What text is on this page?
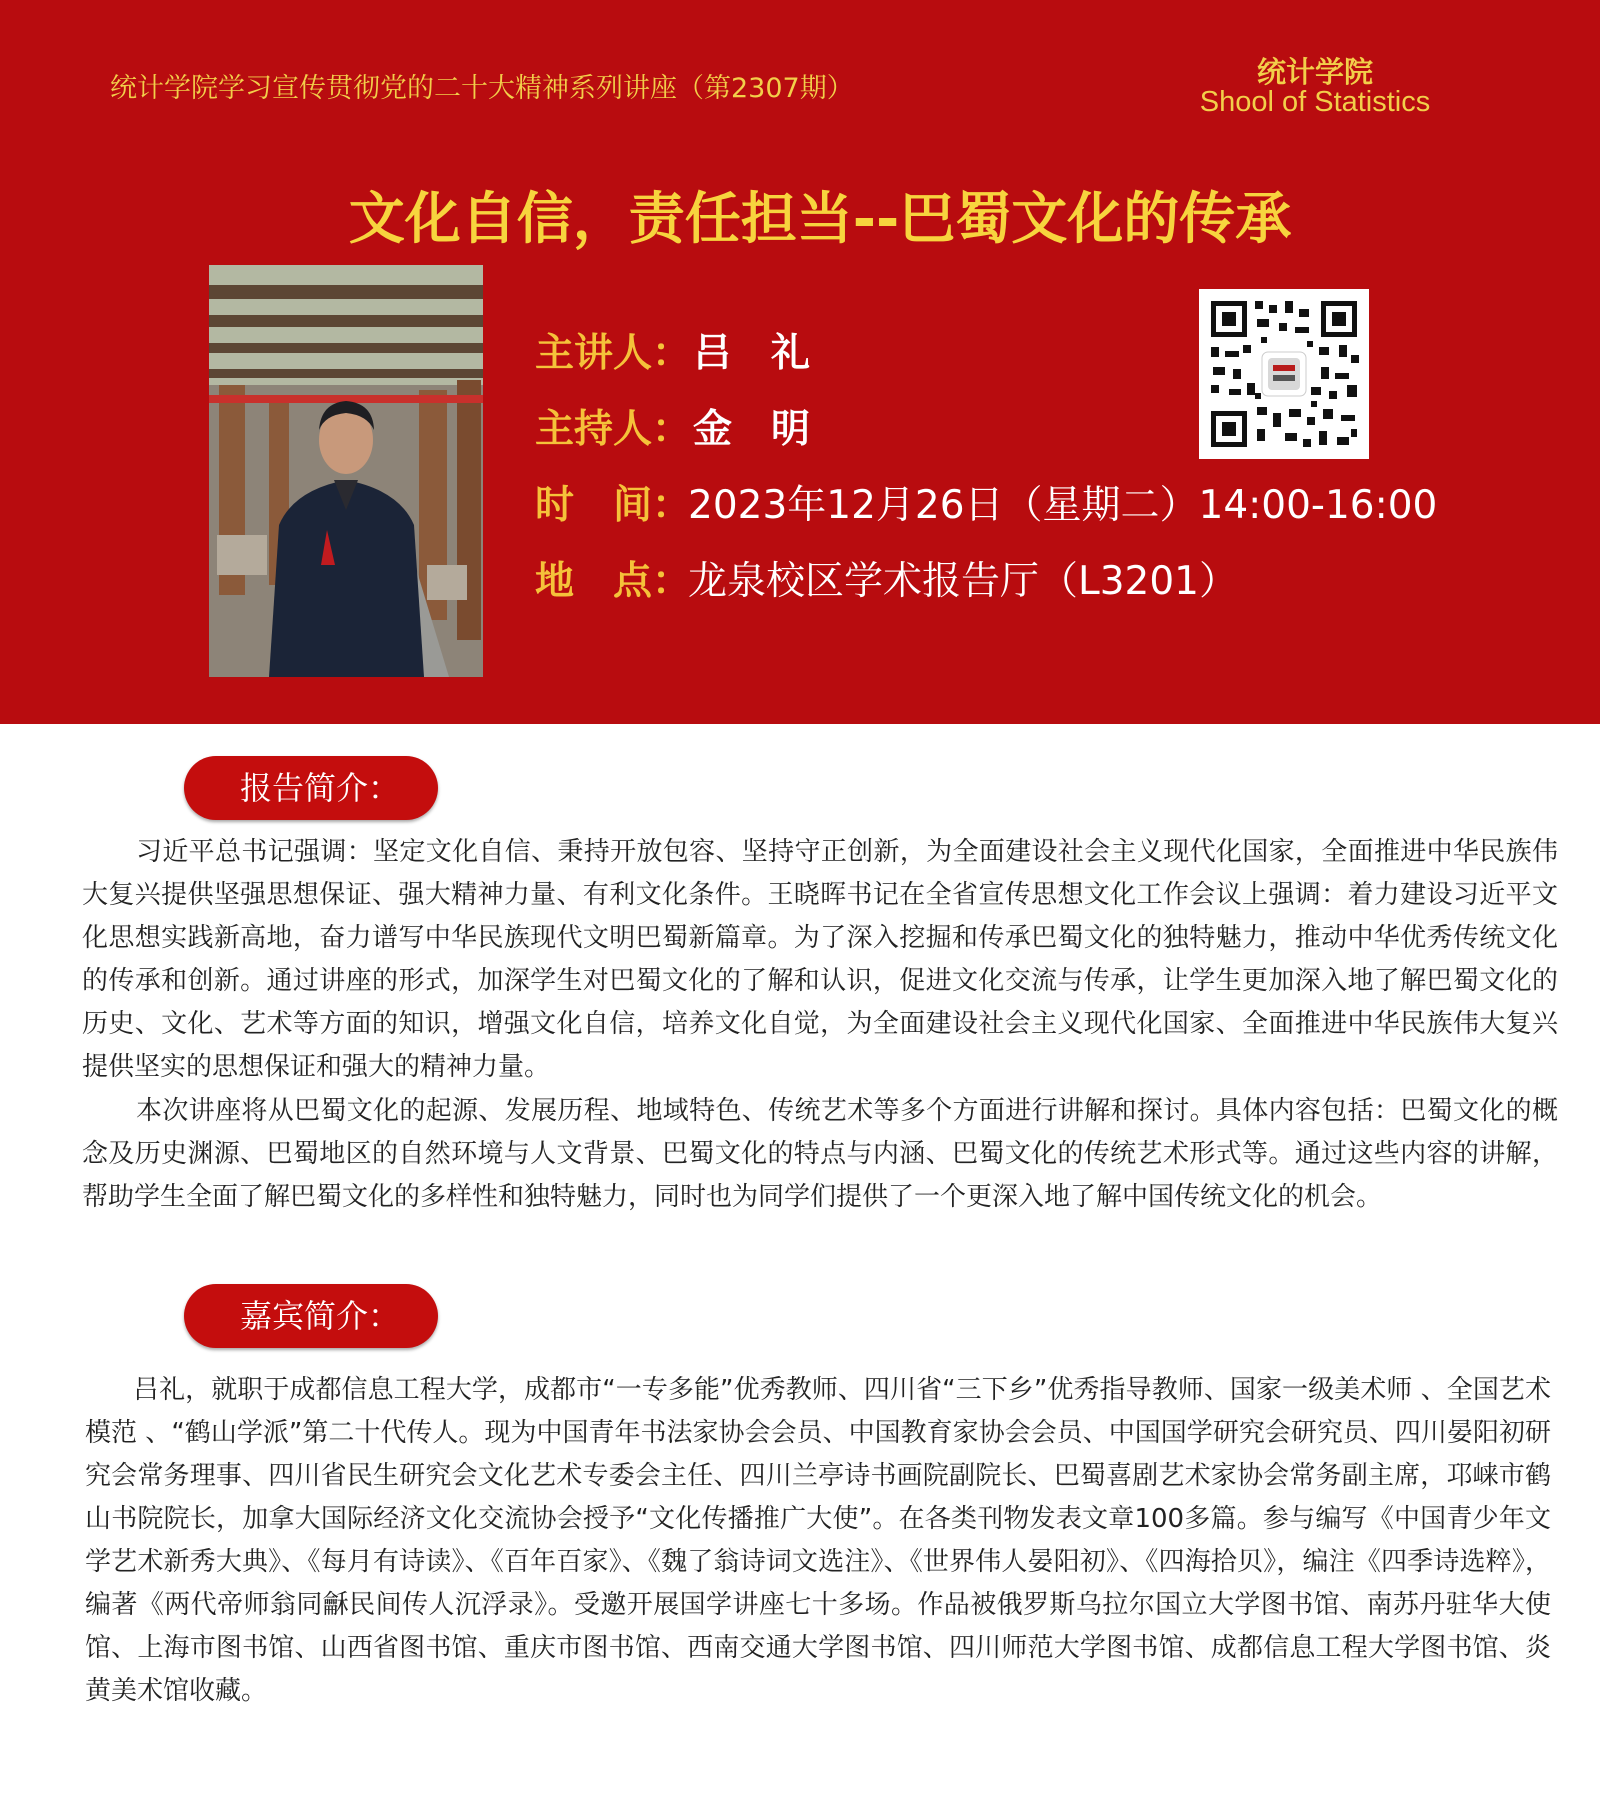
统计学院学习宣传贯彻党的二十大精神系列讲座（第2307期）	统计学院
Shool of Statistics
文化自信，责任担当--巴蜀文化的传承
主讲人： 吕　礼
主持人： 金　明
时　间：
2023年12月26日（星期二）14:00-16:00
地　点：
龙泉校区学术报告厅（L3201）
报告简介：

习近平总书记强调：坚定文化自信、秉持开放包容、坚持守正创新，为全面建设社会主义现代化国家，全面推进中华民族伟大复兴提供坚强思想保证、强大精神力量、有利文化条件。王晓晖书记在全省宣传思想文化工作会议上强调：着力建设习近平文化思想实践新高地，奋力谱写中华民族现代文明巴蜀新篇章。为了深入挖掘和传承巴蜀文化的独特魅力，推动中华优秀传统文化的传承和创新。通过讲座的形式，加深学生对巴蜀文化的了解和认识，促进文化交流与传承，让学生更加深入地了解巴蜀文化的历史、文化、艺术等方面的知识，增强文化自信，培养文化自觉，为全面建设社会主义现代化国家、全面推进中华民族伟大复兴提供坚实的思想保证和强大的精神力量。

本次讲座将从巴蜀文化的起源、发展历程、地域特色、传统艺术等多个方面进行讲解和探讨。具体内容包括：巴蜀文化的概念及历史渊源、巴蜀地区的自然环境与人文背景、巴蜀文化的特点与内涵、巴蜀文化的传统艺术形式等。通过这些内容的讲解，帮助学生全面了解巴蜀文化的多样性和独特魅力，同时也为同学们提供了一个更深入地了解中国传统文化的机会。

嘉宾简介：

吕礼，就职于成都信息工程大学，成都市“一专多能”优秀教师、四川省“三下乡”优秀指导教师、国家一级美术师 、全国艺术模范 、“鹤山学派”第二十代传人。现为中国青年书法家协会会员、中国教育家协会会员、中国国学研究会研究员、四川晏阳初研究会常务理事、四川省民生研究会文化艺术专委会主任、四川兰亭诗书画院副院长、巴蜀喜剧艺术家协会常务副主席，邛崃市鹤山书院院长，加拿大国际经济文化交流协会授予“文化传播推广大使”。在各类刊物发表文章100多篇。参与编写《中国青少年文学艺术新秀大典》、《每月有诗读》、《百年百家》、《魏了翁诗词文选注》、《世界伟人晏阳初》、《四海拾贝》，编注《四季诗选粹》，编著《两代帝师翁同龢民间传人沉浮录》。受邀开展国学讲座七十多场。作品被俄罗斯乌拉尔国立大学图书馆、南苏丹驻华大使馆、上海市图书馆、山西省图书馆、重庆市图书馆、西南交通大学图书馆、四川师范大学图书馆、成都信息工程大学图书馆、炎黄美术馆收藏。
